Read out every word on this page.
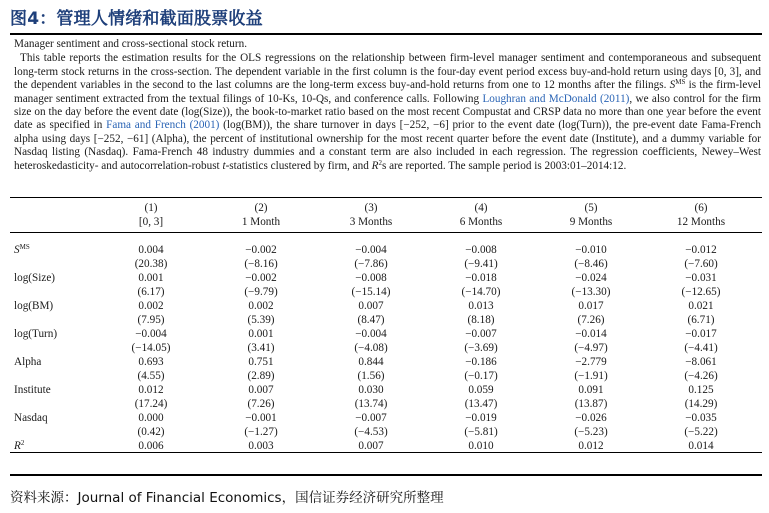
图4：管理人情绪和截面股票收益
Manager sentiment and cross-sectional stock return.
This table reports the estimation results for the OLS regressions on the relationship between firm-level manager sentiment and contemporaneous and subsequent long-term stock returns in the cross-section. The dependent variable in the first column is the four-day event period excess buy-and-hold return using days [0, 3], and the dependent variables in the second to the last columns are the long-term excess buy-and-hold returns from one to 12 months after the filings. $S^{MS}$ is the firm-level manager sentiment extracted from the textual filings of 10-Ks, 10-Qs, and conference calls. Following Loughran and McDonald (2011), we also control for the firm size on the day before the event date (log(Size)), the book-to-market ratio based on the most recent Compustat and CRSP data no more than one year before the event date as specified in Fama and French (2001) (log(BM)), the share turnover in days [−252, −6] prior to the event date (log(Turn)), the pre-event date Fama-French alpha using days [−252, −61] (Alpha), the percent of institutional ownership for the most recent quarter before the event date (Institute), and a dummy variable for Nasdaq listing (Nasdaq). Fama-French 48 industry dummies and a constant term are also included in each regression. The regression coefficients, Newey–West heteroskedasticity- and autocorrelation-robust t-statistics clustered by firm, and $R^2s$ are reported. The sample period is 2003:01–2014:12.
	(1)	(2)	(3)	(4)	(5)	(6)
	[0, 3]	1 Month	3 Months	6 Months	9 Months	12 Months

$S^{MS}$	0.004	−0.002	−0.004	−0.008	−0.010	−0.012
	(20.38)	(−8.16)	(−7.86)	(−9.41)	(−8.46)	(−7.60)
log(Size)	0.001	−0.002	−0.008	−0.018	−0.024	−0.031
	(6.17)	(−9.79)	(−15.14)	(−14.70)	(−13.30)	(−12.65)
log(BM)	0.002	0.002	0.007	0.013	0.017	0.021
	(7.95)	(5.39)	(8.47)	(8.18)	(7.26)	(6.71)
log(Turn)	−0.004	0.001	−0.004	−0.007	−0.014	−0.017
	(−14.05)	(3.41)	(−4.08)	(−3.69)	(−4.97)	(−4.41)
Alpha	0.693	0.751	0.844	−0.186	−2.779	−8.061
	(4.55)	(2.89)	(1.56)	(−0.17)	(−1.91)	(−4.26)
Institute	0.012	0.007	0.030	0.059	0.091	0.125
	(17.24)	(7.26)	(13.74)	(13.47)	(13.87)	(14.29)
Nasdaq	0.000	−0.001	−0.007	−0.019	−0.026	−0.035
	(0.42)	(−1.27)	(−4.53)	(−5.81)	(−5.23)	(−5.22)
$R^2$	0.006	0.003	0.007	0.010	0.012	0.014
资料来源：Journal of Financial Economics，国信证券经济研究所整理
